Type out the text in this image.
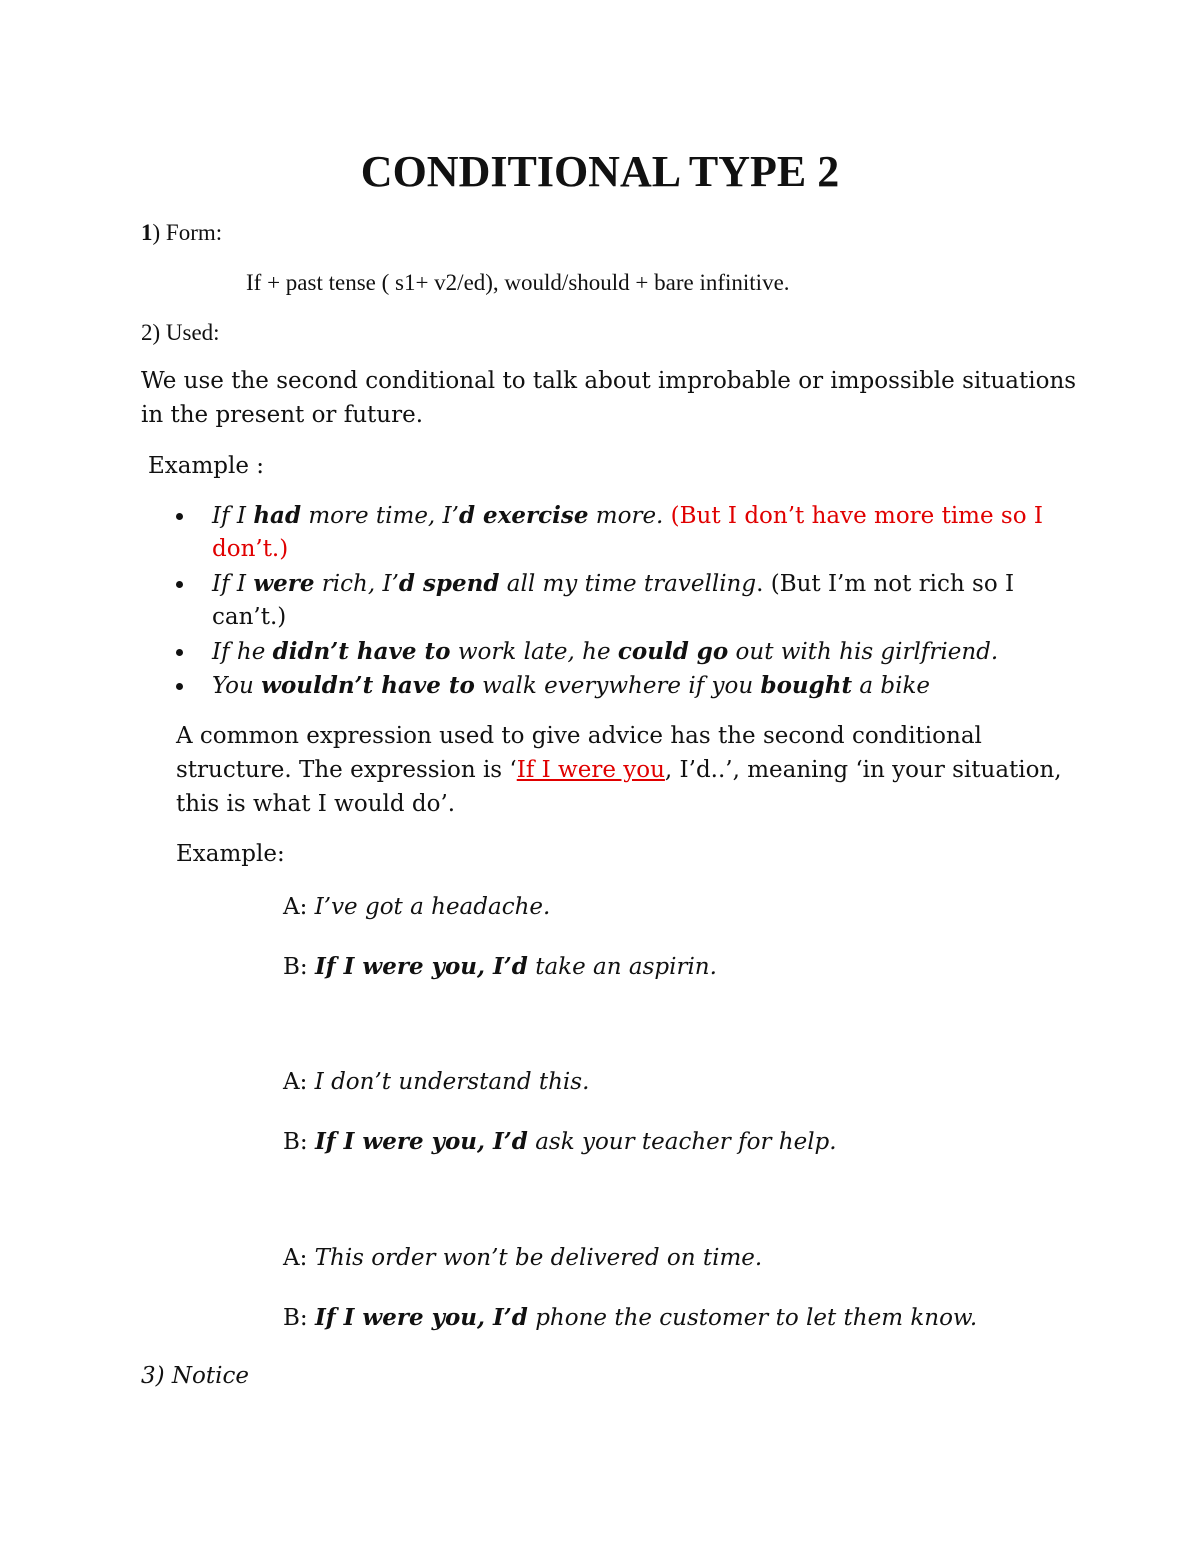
CONDITIONAL TYPE 2

1) Form:

If + past tense ( s1+ v2/ed), would/should + bare infinitive.

2) Used:

We use the second conditional to talk about improbable or impossible situations

in the present or future.

Example :

If I had more time, I’d exercise more. (But I don’t have more time so I

don’t.)

If I were rich, I’d spend all my time travelling. (But I’m not rich so I

can’t.)

If he didn’t have to work late, he could go out with his girlfriend.

You wouldn’t have to walk everywhere if you bought a bike

A common expression used to give advice has the second conditional

structure. The expression is ‘If I were you, I’d..’, meaning ‘in your situation,

this is what I would do’.

Example:

A: I’ve got a headache.

B: If I were you, I’d take an aspirin.

A: I don’t understand this.

B: If I were you, I’d ask your teacher for help.

A: This order won’t be delivered on time.

B: If I were you, I’d phone the customer to let them know.

3) Notice
